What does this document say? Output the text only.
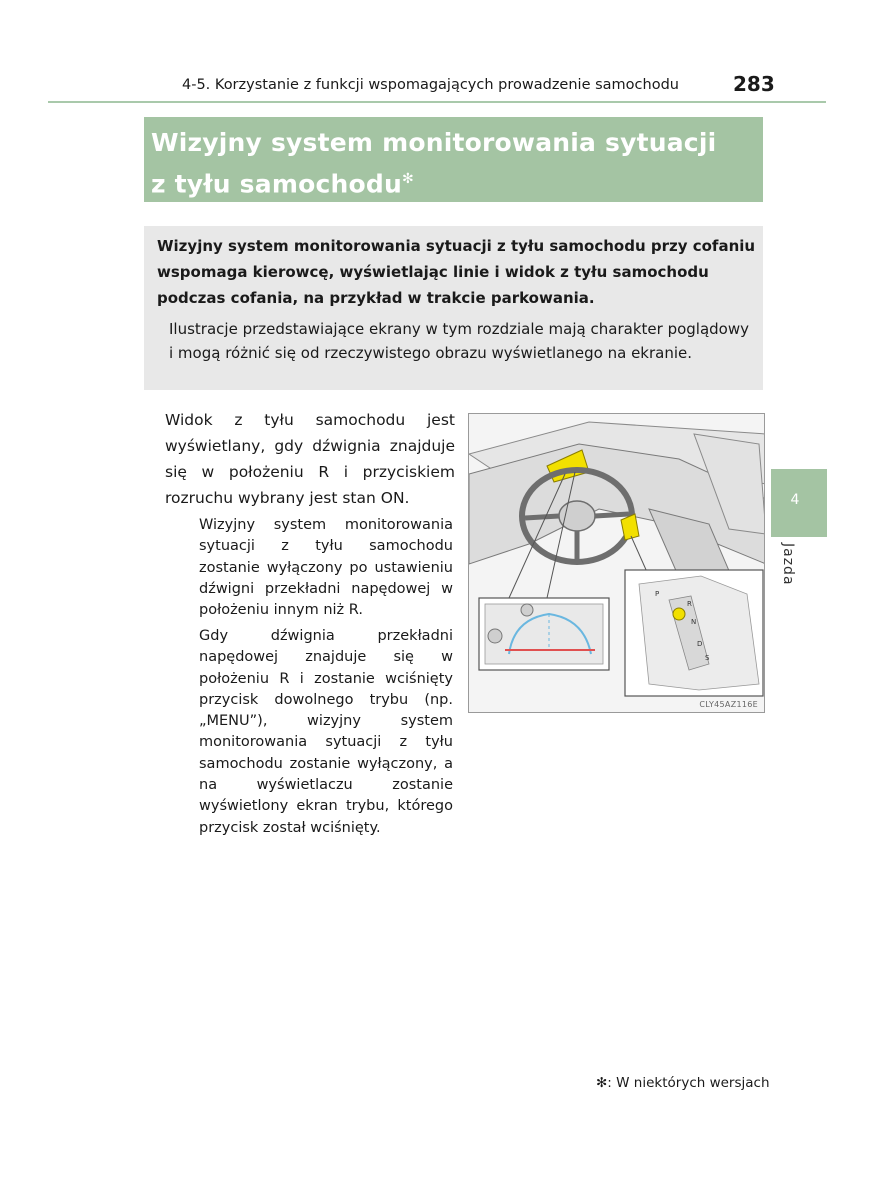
4-5. Korzystanie z funkcji wspomagających prowadzenie samochodu	283
Wizyjny system monitorowania sytuacji
z tyłu samochodu✻
Wizyjny system monitorowania sytuacji z tyłu samochodu przy cofaniu wspomaga kierowcę, wyświetlając linie i widok z tyłu samochodu podczas cofania, na przykład w trakcie parkowania.
Ilustracje przedstawiające ekrany w tym rozdziale mają charakter poglądowy i mogą różnić się od rzeczywistego obrazu wyświetlanego na ekranie.
Widok z tyłu samochodu jest wyświetlany, gdy dźwignia znajduje się w położeniu R i przyciskiem rozruchu wybrany jest stan ON.
Wizyjny system monitorowania sytuacji z tyłu samochodu zostanie wyłączony po ustawieniu dźwigni przekładni napędowej w położeniu innym niż R.
Gdy dźwignia przekładni napędowej znajduje się w położeniu R i zostanie wciśnięty przycisk dowolnego trybu (np. „MENU”), wizyjny system monitorowania sytuacji z tyłu samochodu zostanie wyłączony, a na wyświetlaczu zostanie wyświetlony ekran trybu, którego przycisk został wciśnięty.
P
R
N
D
S
CLY45AZ116E
4
Jazda
✻: W niektórych wersjach
